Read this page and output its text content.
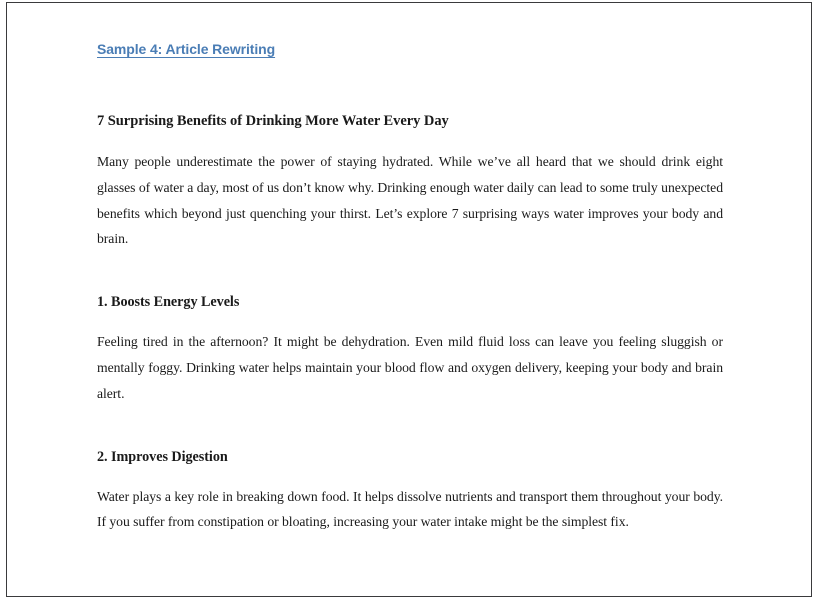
Sample 4: Article Rewriting
7 Surprising Benefits of Drinking More Water Every Day

Many people underestimate the power of staying hydrated. While we’ve all heard that we should drink eight glasses of water a day, most of us don’t know why. Drinking enough water daily can lead to some truly unexpected benefits which beyond just quenching your thirst. Let’s explore 7 surprising ways water improves your body and brain.

1. Boosts Energy Levels

Feeling tired in the afternoon? It might be dehydration. Even mild fluid loss can leave you feeling sluggish or mentally foggy. Drinking water helps maintain your blood flow and oxygen delivery, keeping your body and brain alert.

2. Improves Digestion

Water plays a key role in breaking down food. It helps dissolve nutrients and transport them throughout your body. If you suffer from constipation or bloating, increasing your water intake might be the simplest fix.
